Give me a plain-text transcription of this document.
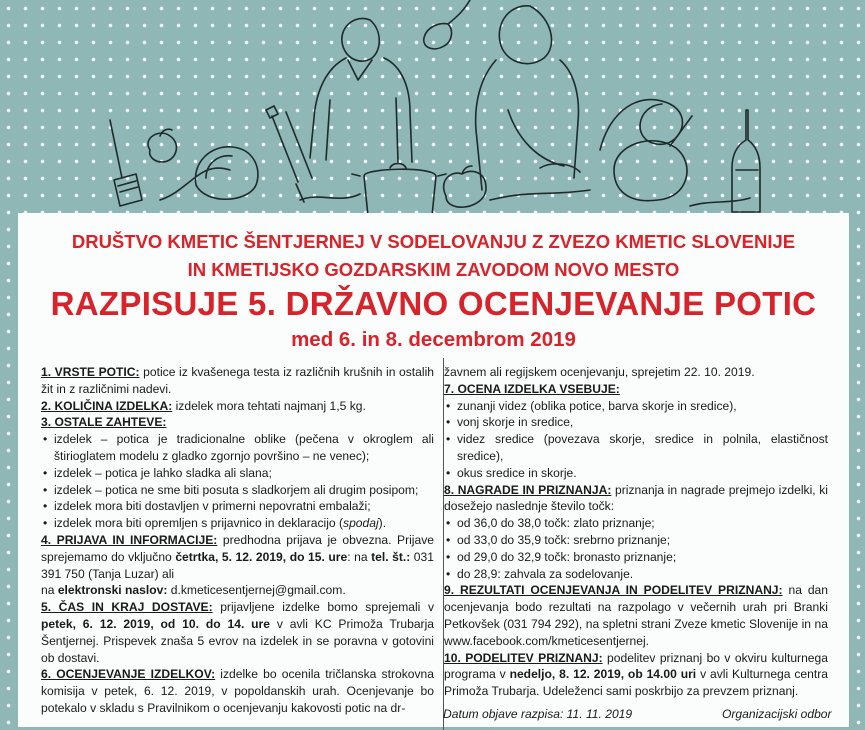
DRUŠTVO KMETIC ŠENTJERNEJ V SODELOVANJU Z ZVEZO KMETIC SLOVENIJE
IN KMETIJSKO GOZDARSKIM ZAVODOM NOVO MESTO
RAZPISUJE 5. DRŽAVNO OCENJEVANJE POTIC
med 6. in 8. decembrom 2019

1. VRSTE POTIC: potice iz kvašenega testa iz različnih krušnih in ostalih žit in z različnimi nadevi.

2. KOLIČINA IZDELKA: izdelek mora tehtati najmanj 1,5 kg.

3. OSTALE ZAHTEVE:

• izdelek – potica je tradicionalne oblike (pečena v okroglem ali štirioglatem modelu z gladko zgornjo površino – ne venec);
• izdelek – potica je lahko sladka ali slana;
• izdelek – potica ne sme biti posuta s sladkorjem ali drugim posipom;
• izdelek mora biti dostavljen v primerni nepovratni embalaži;
• izdelek mora biti opremljen s prijavnico in deklaracijo (spodaj).

4. PRIJAVA IN INFORMACIJE: predhodna prijava je obvezna. Prijave sprejemamo do vključno četrtka, 5. 12. 2019, do 15. ure: na tel. št.: 031 391 750 (Tanja Luzar) ali
na elektronski naslov: d.kmeticesentjernej@gmail.com.

5. ČAS IN KRAJ DOSTAVE: prijavljene izdelke bomo sprejemali v petek, 6. 12. 2019, od 10. do 14. ure v avli KC Primoža Trubarja Šentjernej. Prispevek znaša 5 evrov na izdelek in se poravna v gotovini ob dostavi.

6. OCENJEVANJE IZDELKOV: izdelke bo ocenila tričlanska strokovna komisija v petek, 6. 12. 2019, v popoldanskih urah. Ocenjevanje bo potekalo v skladu s Pravilnikom o ocenjevanju kakovosti potic na dr-

žavnem ali regijskem ocenjevanju, sprejetim 22. 10. 2019.

7. OCENA IZDELKA VSEBUJE:

• zunanji videz (oblika potice, barva skorje in sredice),
• vonj skorje in sredice,
• videz sredice (povezava skorje, sredice in polnila, elastičnost sredice),
• okus sredice in skorje.

8. NAGRADE IN PRIZNANJA: priznanja in nagrade prejmejo izdelki, ki dosežejo naslednje število točk:

• od 36,0 do 38,0 točk: zlato priznanje;
• od 33,0 do 35,9 točk: srebrno priznanje;
• od 29,0 do 32,9 točk: bronasto priznanje;
• do 28,9: zahvala za sodelovanje.

9. REZULTATI OCENJEVANJA IN PODELITEV PRIZNANJ: na dan ocenjevanja bodo rezultati na razpolago v večernih urah pri Branki Petkovšek (031 794 292), na spletni strani Zveze kmetic Slovenije in na www.facebook.com/kmeticesentjernej.

10. PODELITEV PRIZNANJ: podelitev priznanj bo v okviru kulturnega programa v nedeljo, 8. 12. 2019, ob 14.00 uri v avli Kulturnega centra Primoža Trubarja. Udeleženci sami poskrbijo za prevzem priznanj.

Datum objave razpisa: 11. 11. 2019	Organizacijski odbor
